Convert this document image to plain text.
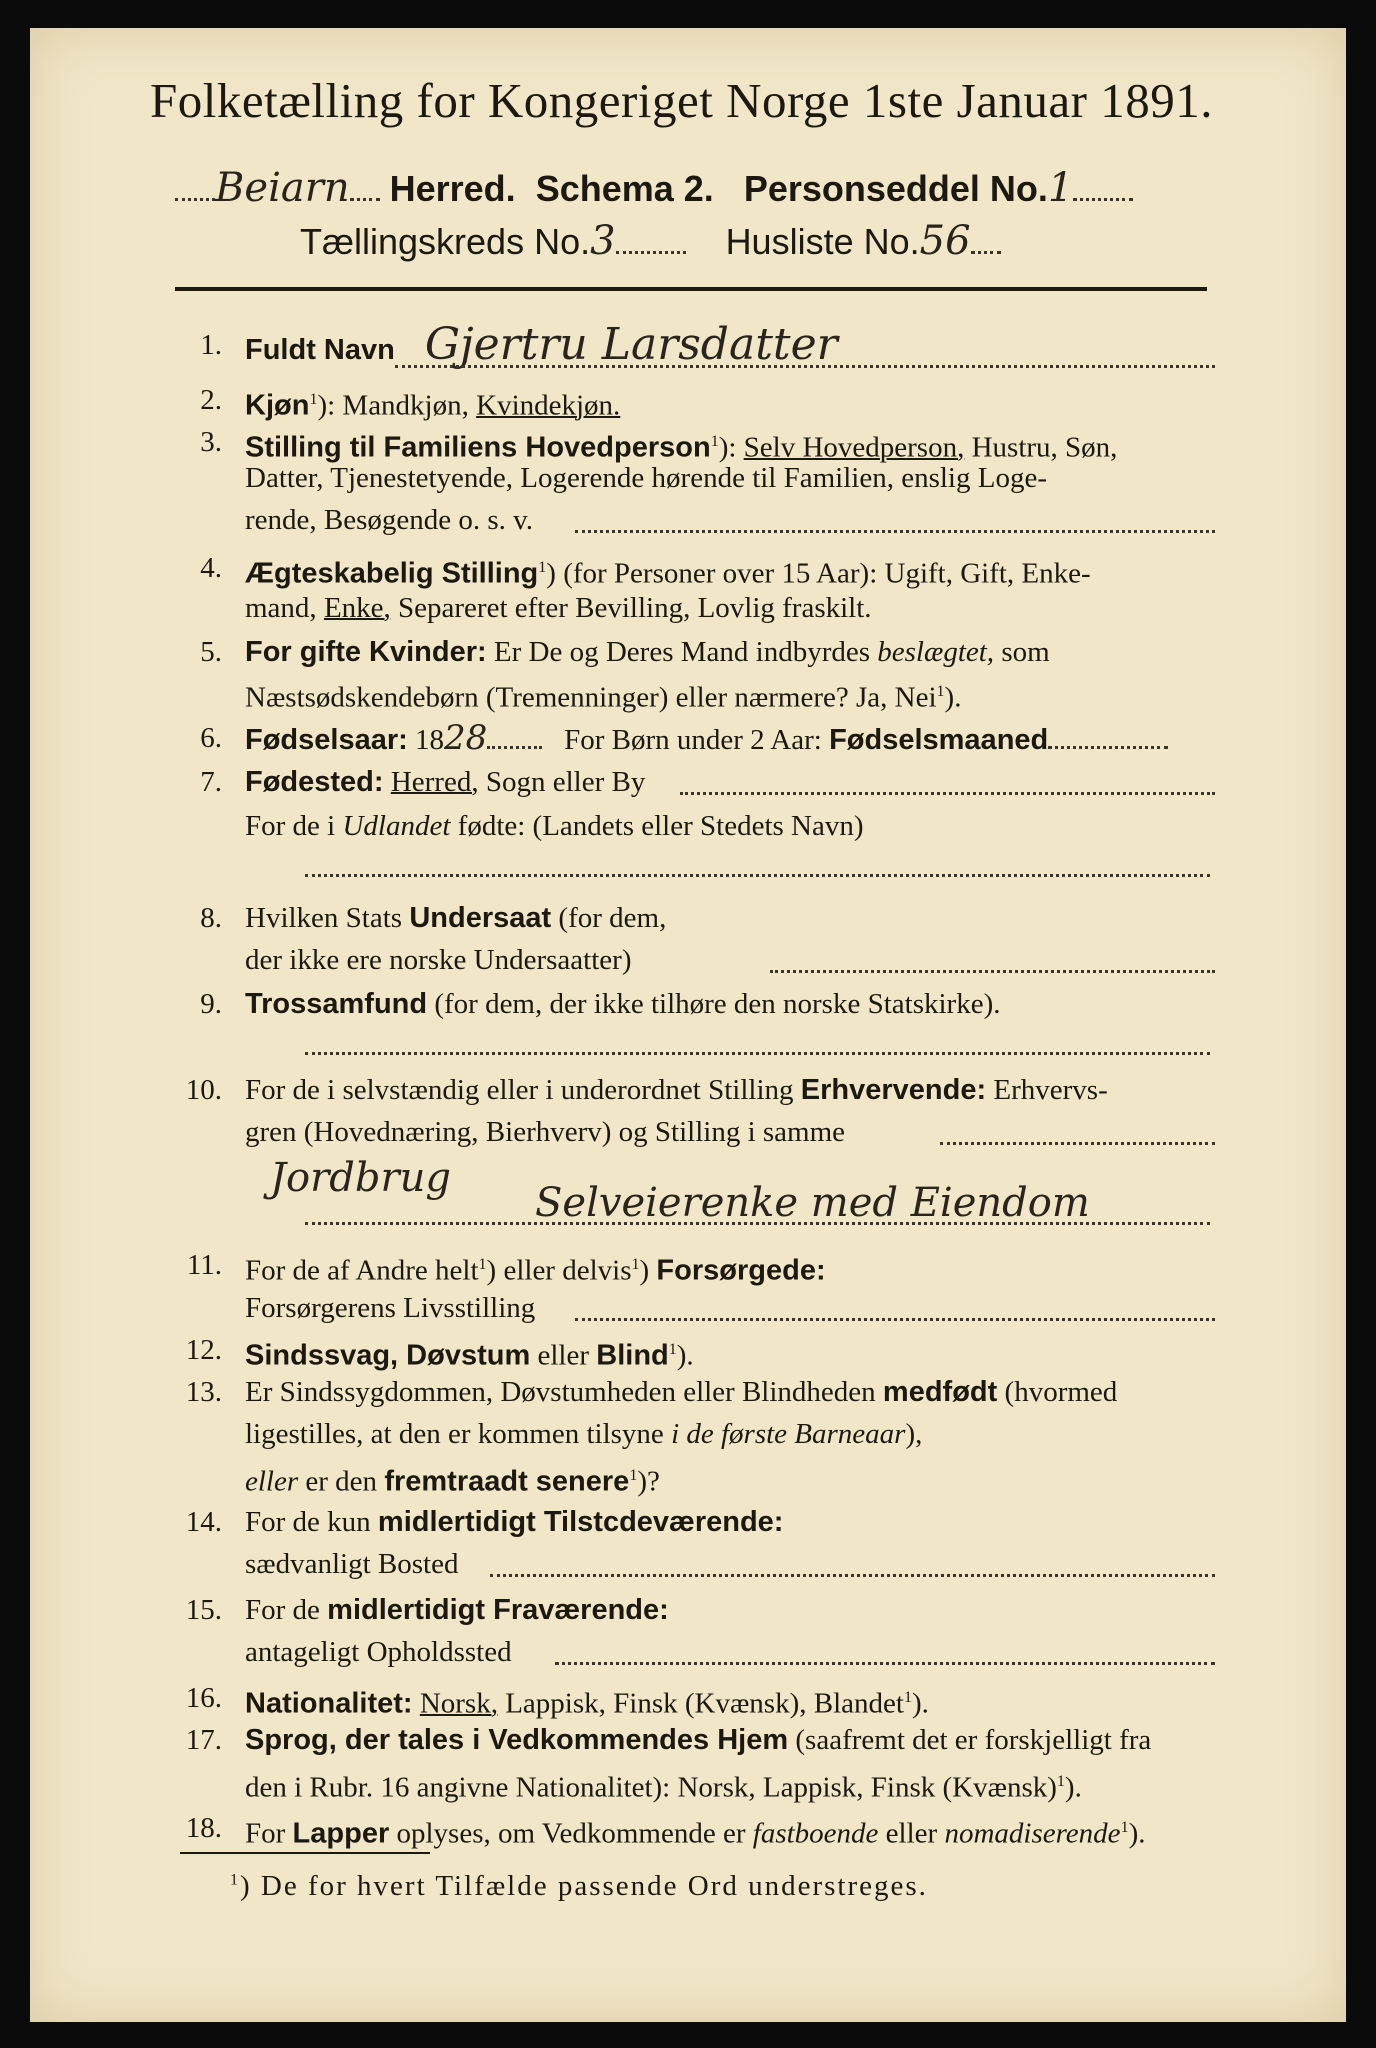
Folketælling for Kongeriget Norge 1ste Januar 1891.
Beiarn Herred. Schema 2. Personseddel No.1
Tællingskreds No.3	Husliste No.56
1. Fuldt Navn Gjertru Larsdatter
2. Kjøn$^1$): Mandkjøn, Kvindekjøn.
3. Stilling til Familiens Hovedperson$^1$): Selv Hovedperson, Hustru, Søn,
Datter, Tjenestetyende, Logerende hørende til Familien, enslig Loge-
rende, Besøgende o. s. v.
4. Ægteskabelig Stilling$^1$) (for Personer over 15 Aar): Ugift, Gift, Enke-
mand, Enke, Separeret efter Bevilling, Lovlig fraskilt.
5. For gifte Kvinder: Er De og Deres Mand indbyrdes beslægtet, som
Næstsødskendebørn (Tremenninger) eller nærmere? Ja, Nei$^1$).
6. Fødselsaar: 1828	For Børn under 2 Aar: Fødselsmaaned
7. Fødested: Herred, Sogn eller By
For de i Udlandet fødte: (Landets eller Stedets Navn)
8. Hvilken Stats Undersaat (for dem,
der ikke ere norske Undersaatter)
9. Trossamfund (for dem, der ikke tilhøre den norske Statskirke).
10. For de i selvstændig eller i underordnet Stilling Erhvervende: Erhvervs-
gren (Hovednæring, Bierhverv) og Stilling i samme
Jordbrug
Selveierenke med Eiendom
11. For de af Andre helt$^1$) eller delvis$^1$) Forsørgede:
Forsørgerens Livsstilling
12. Sindssvag, Døvstum eller Blind$^1$).
13. Er Sindssygdommen, Døvstumheden eller Blindheden medfødt (hvormed
ligestilles, at den er kommen tilsyne i de første Barneaar),
eller er den fremtraadt senere$^1$)?
14. For de kun midlertidigt Tilstcdeværende:
sædvanligt Bosted
15. For de midlertidigt Fraværende:
antageligt Opholdssted
16. Nationalitet: Norsk, Lappisk, Finsk (Kvænsk), Blandet$^1$).
17. Sprog, der tales i Vedkommendes Hjem (saafremt det er forskjelligt fra
den i Rubr. 16 angivne Nationalitet): Norsk, Lappisk, Finsk (Kvænsk)$^1$).
18. For Lapper oplyses, om Vedkommende er fastboende eller nomadiserende$^1$).
$^1$) De for hvert Tilfælde passende Ord understreges.
